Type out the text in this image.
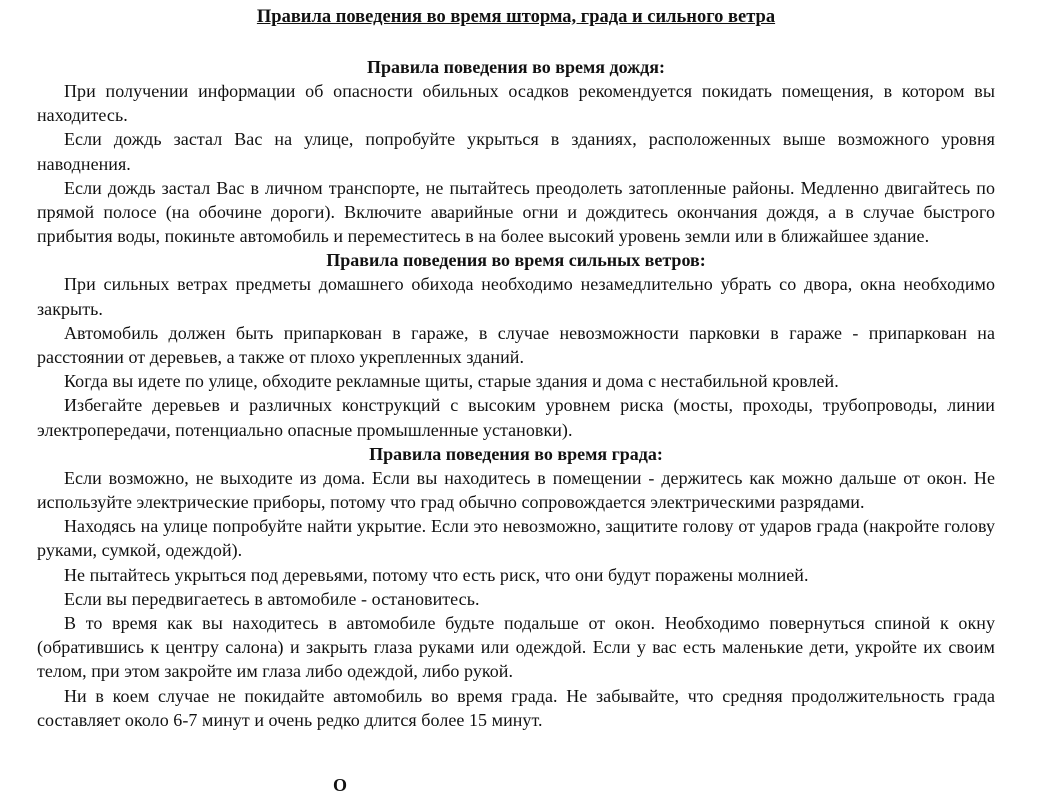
Правила поведения во время шторма, града и сильного ветра
Правила поведения во время дождя:

При получении информации об опасности обильных осадков рекомендуется покидать помещения, в котором вы находитесь.

Если дождь застал Вас на улице, попробуйте укрыться в зданиях, расположенных выше возможного уровня наводнения.

Если дождь застал Вас в личном транспорте, не пытайтесь преодолеть затопленные районы. Медленно двигайтесь по прямой полосе (на обочине дороги). Включите аварийные огни и дождитесь окончания дождя, а в случае быстрого прибытия воды, покиньте автомобиль и переместитесь в на более высокий уровень земли или в ближайшее здание.

Правила поведения во время сильных ветров:

При сильных ветрах предметы домашнего обихода необходимо незамедлительно убрать со двора, окна необходимо закрыть.

Автомобиль должен быть припаркован в гараже, в случае невозможности парковки в гараже - припаркован на расстоянии от деревьев, а также от плохо укрепленных зданий.

Когда вы идете по улице, обходите рекламные щиты, старые здания и дома с нестабильной кровлей.

Избегайте деревьев и различных конструкций с высоким уровнем риска (мосты, проходы, трубопроводы, линии электропередачи, потенциально опасные промышленные установки).

Правила поведения во время града:

Если возможно, не выходите из дома. Если вы находитесь в помещении - держитесь как можно дальше от окон. Не используйте электрические приборы, потому что град обычно сопровождается электрическими разрядами.

Находясь на улице попробуйте найти укрытие. Если это невозможно, защитите голову от ударов града (накройте голову руками, сумкой, одеждой).

Не пытайтесь укрыться под деревьями, потому что есть риск, что они будут поражены молнией.

Если вы передвигаетесь в автомобиле - остановитесь.

В то время как вы находитесь в автомобиле будьте подальше от окон. Необходимо повернуться спиной к окну (обратившись к центру салона) и закрыть глаза руками или одеждой. Если у вас есть маленькие дети, укройте их своим телом, при этом закройте им глаза либо одеждой, либо рукой.

Ни в коем случае не покидайте автомобиль во время града. Не забывайте, что средняя продолжительность града составляет около 6-7 минут и очень редко длится более 15 минут.

О
